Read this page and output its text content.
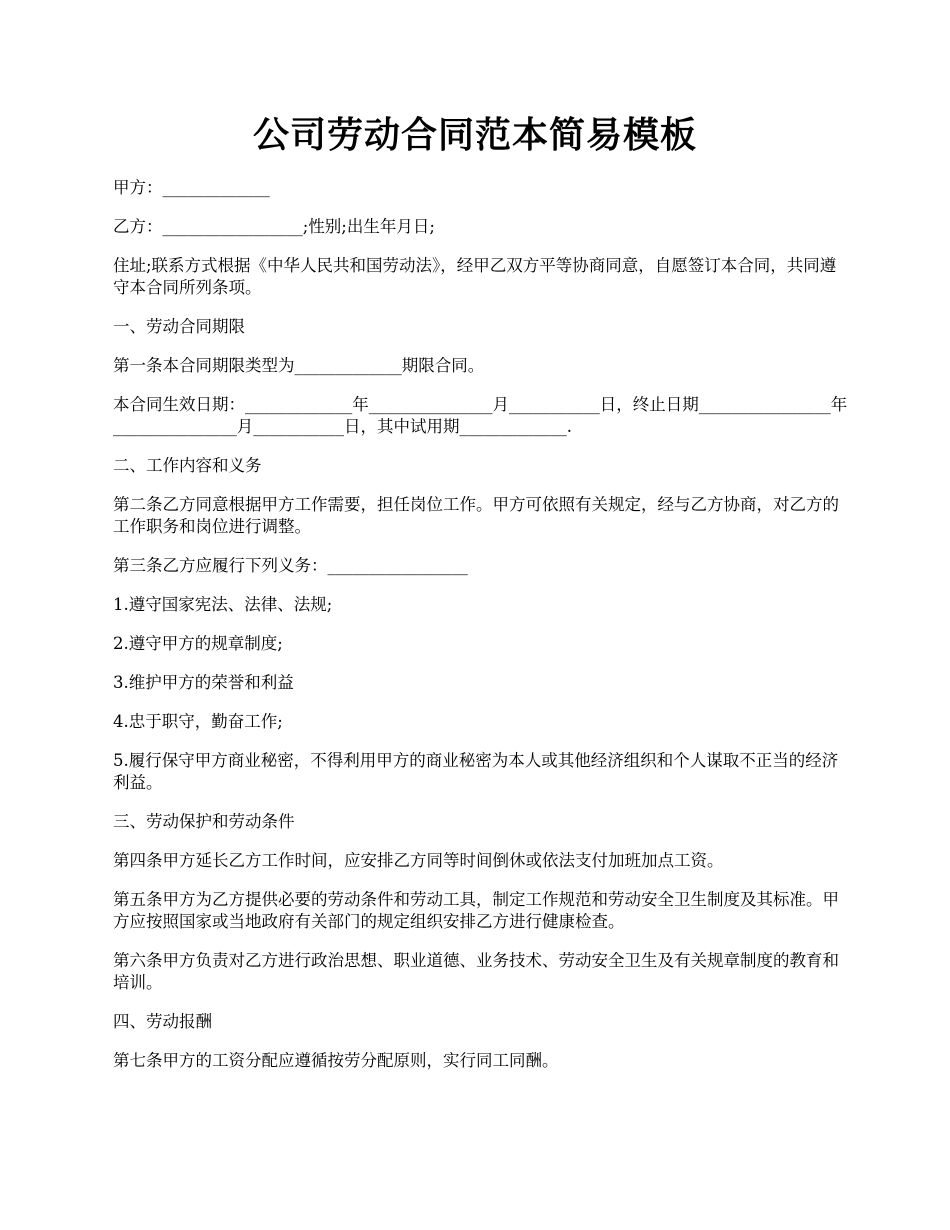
公司劳动合同范本简易模板

甲方：_____________

乙方：_________________;性别;出生年月日;

住址;联系方式根据《中华人民共和国劳动法》，经甲乙双方平等协商同意，自愿签订本合同，共同遵守本合同所列条项。

一、劳动合同期限

第一条本合同期限类型为_____________期限合同。

本合同生效日期：_____________年_______________月___________日，终止日期________________年_______________月___________日，其中试用期_____________.

二、工作内容和义务

第二条乙方同意根据甲方工作需要，担任岗位工作。甲方可依照有关规定，经与乙方协商，对乙方的工作职务和岗位进行调整。

第三条乙方应履行下列义务：_________________

1.遵守国家宪法、法律、法规;

2.遵守甲方的规章制度;

3.维护甲方的荣誉和利益

4.忠于职守，勤奋工作;

5.履行保守甲方商业秘密，不得利用甲方的商业秘密为本人或其他经济组织和个人谋取不正当的经济利益。

三、劳动保护和劳动条件

第四条甲方延长乙方工作时间，应安排乙方同等时间倒休或依法支付加班加点工资。

第五条甲方为乙方提供必要的劳动条件和劳动工具，制定工作规范和劳动安全卫生制度及其标准。甲方应按照国家或当地政府有关部门的规定组织安排乙方进行健康检查。

第六条甲方负责对乙方进行政治思想、职业道德、业务技术、劳动安全卫生及有关规章制度的教育和培训。

四、劳动报酬

第七条甲方的工资分配应遵循按劳分配原则，实行同工同酬。
